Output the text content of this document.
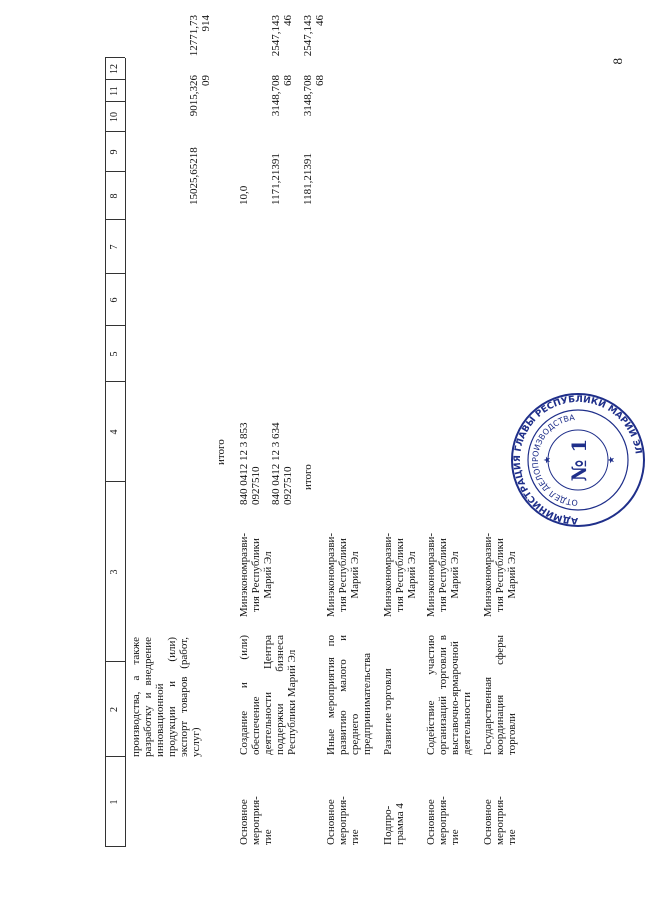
8
1
2
3
4
5
6
7
8
9
10
11
12
производства, а также разработку и внедрение инновационной продукции и (или) экспорт товаров (работ, услуг)
итого
15025,65218
9015,326
09
12771,73
914
Основное
мероприя-
тие
Создание и (или) обеспечение деятельности Центра поддержки бизнеса Республики Марий Эл
Минэкономразви-
тия Республики
Марий Эл
840 0412 12 3 853
0927510
10,0
840 0412 12 3 634
0927510
1171,21391
3148,708
68
2547,143
46
итого
1181,21391
3148,708
68
2547,143
46
Основное
мероприя-
тие
Иные мероприятия по развитию малого и среднего предпринимательства
Минэкономразви-
тия Республики
Марий Эл
Подпро-
грамма 4
Развитие торговли
Минэкономразви-
тия Республики
Марий Эл
Основное
мероприя-
тие
Содействие участию организаций торговли в выставочно-ярмарочной деятельности
Минэкономразви-
тия Республики
Марий Эл
Основное
мероприя-
тие
Государственная координация сферы торговли
Минэкономразви-
тия Республики
Марий Эл
АДМИНИСТРАЦИЯ ГЛАВЫ РЕСПУБЛИКИ МАРИЙ ЭЛ
ОТДЕЛ ДЕЛОПРОИЗВОДСТВА
№ 1
★	★
